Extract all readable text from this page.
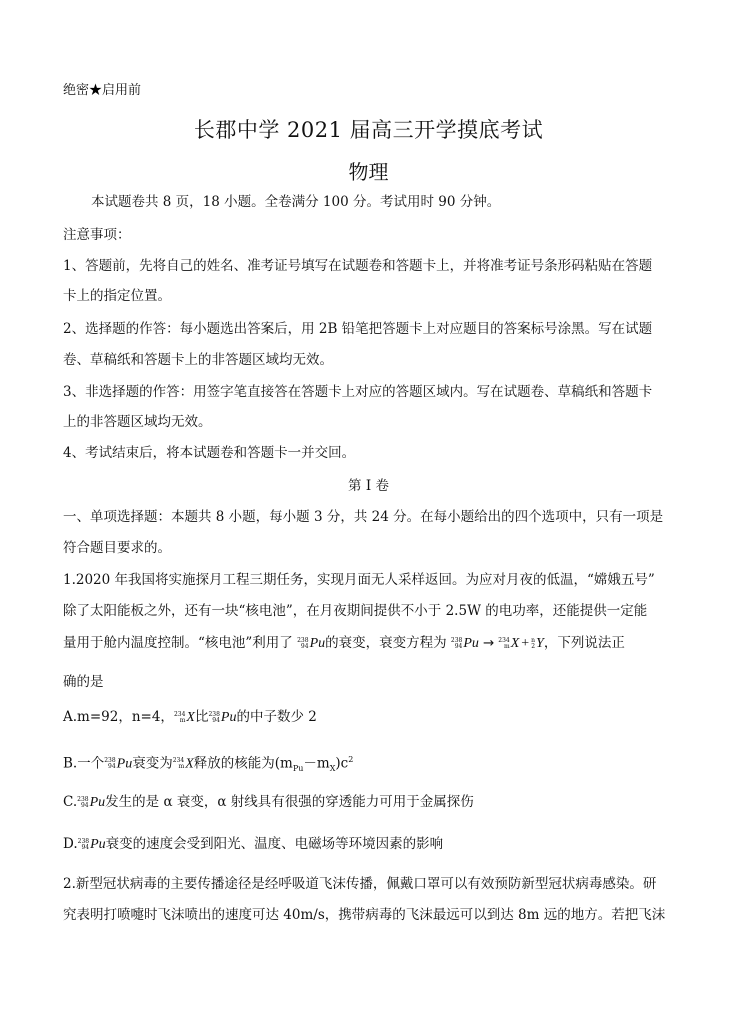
绝密★启用前
长郡中学 2021 届高三开学摸底考试
物理
本试题卷共 8 页，18 小题。全卷满分 100 分。考试用时 90 分钟。
注意事项：
1、答题前，先将自己的姓名、准考证号填写在试题卷和答题卡上，并将准考证号条形码粘贴在答题
卡上的指定位置。
2、选择题的作答：每小题选出答案后，用 2B 铅笔把答题卡上对应题目的答案标号涂黑。写在试题
卷、草稿纸和答题卡上的非答题区域均无效。
3、非选择题的作答：用签字笔直接答在答题卡上对应的答题区域内。写在试题卷、草稿纸和答题卡
上的非答题区域均无效。
4、考试结束后，将本试题卷和答题卡一并交回。
第 I 卷
一、单项选择题：本题共 8 小题，每小题 3 分，共 24 分。在每小题给出的四个选项中，只有一项是
符合题目要求的。
1.2020 年我国将实施探月工程三期任务，实现月面无人采样返回。为应对月夜的低温，“嫦娥五号”
除了太阳能板之外，还有一块“核电池”，在月夜期间提供不小于 2.5W 的电功率，还能提供一定能
量用于舱内温度控制。“核电池”利用了 238
94 Pu的衰变，衰变方程为 238
94 Pu → 234
m X + n
2 Y，下列说法正
确的是
A.m=92，n=4， 234
m X比 238
94 Pu的中子数少 2
B.一个 238
94 Pu衰变为 234
m X释放的核能为$(m_{Pu}-m_X)c^2$
C. 238
94 Pu发生的是 α 衰变，α 射线具有很强的穿透能力可用于金属探伤
D. 238
94 Pu衰变的速度会受到阳光、温度、电磁场等环境因素的影响
2.新型冠状病毒的主要传播途径是经呼吸道飞沫传播，佩戴口罩可以有效预防新型冠状病毒感染。研
究表明打喷嚏时飞沫喷出的速度可达 40m/s，携带病毒的飞沫最远可以到达 8m 远的地方。若把飞沫
